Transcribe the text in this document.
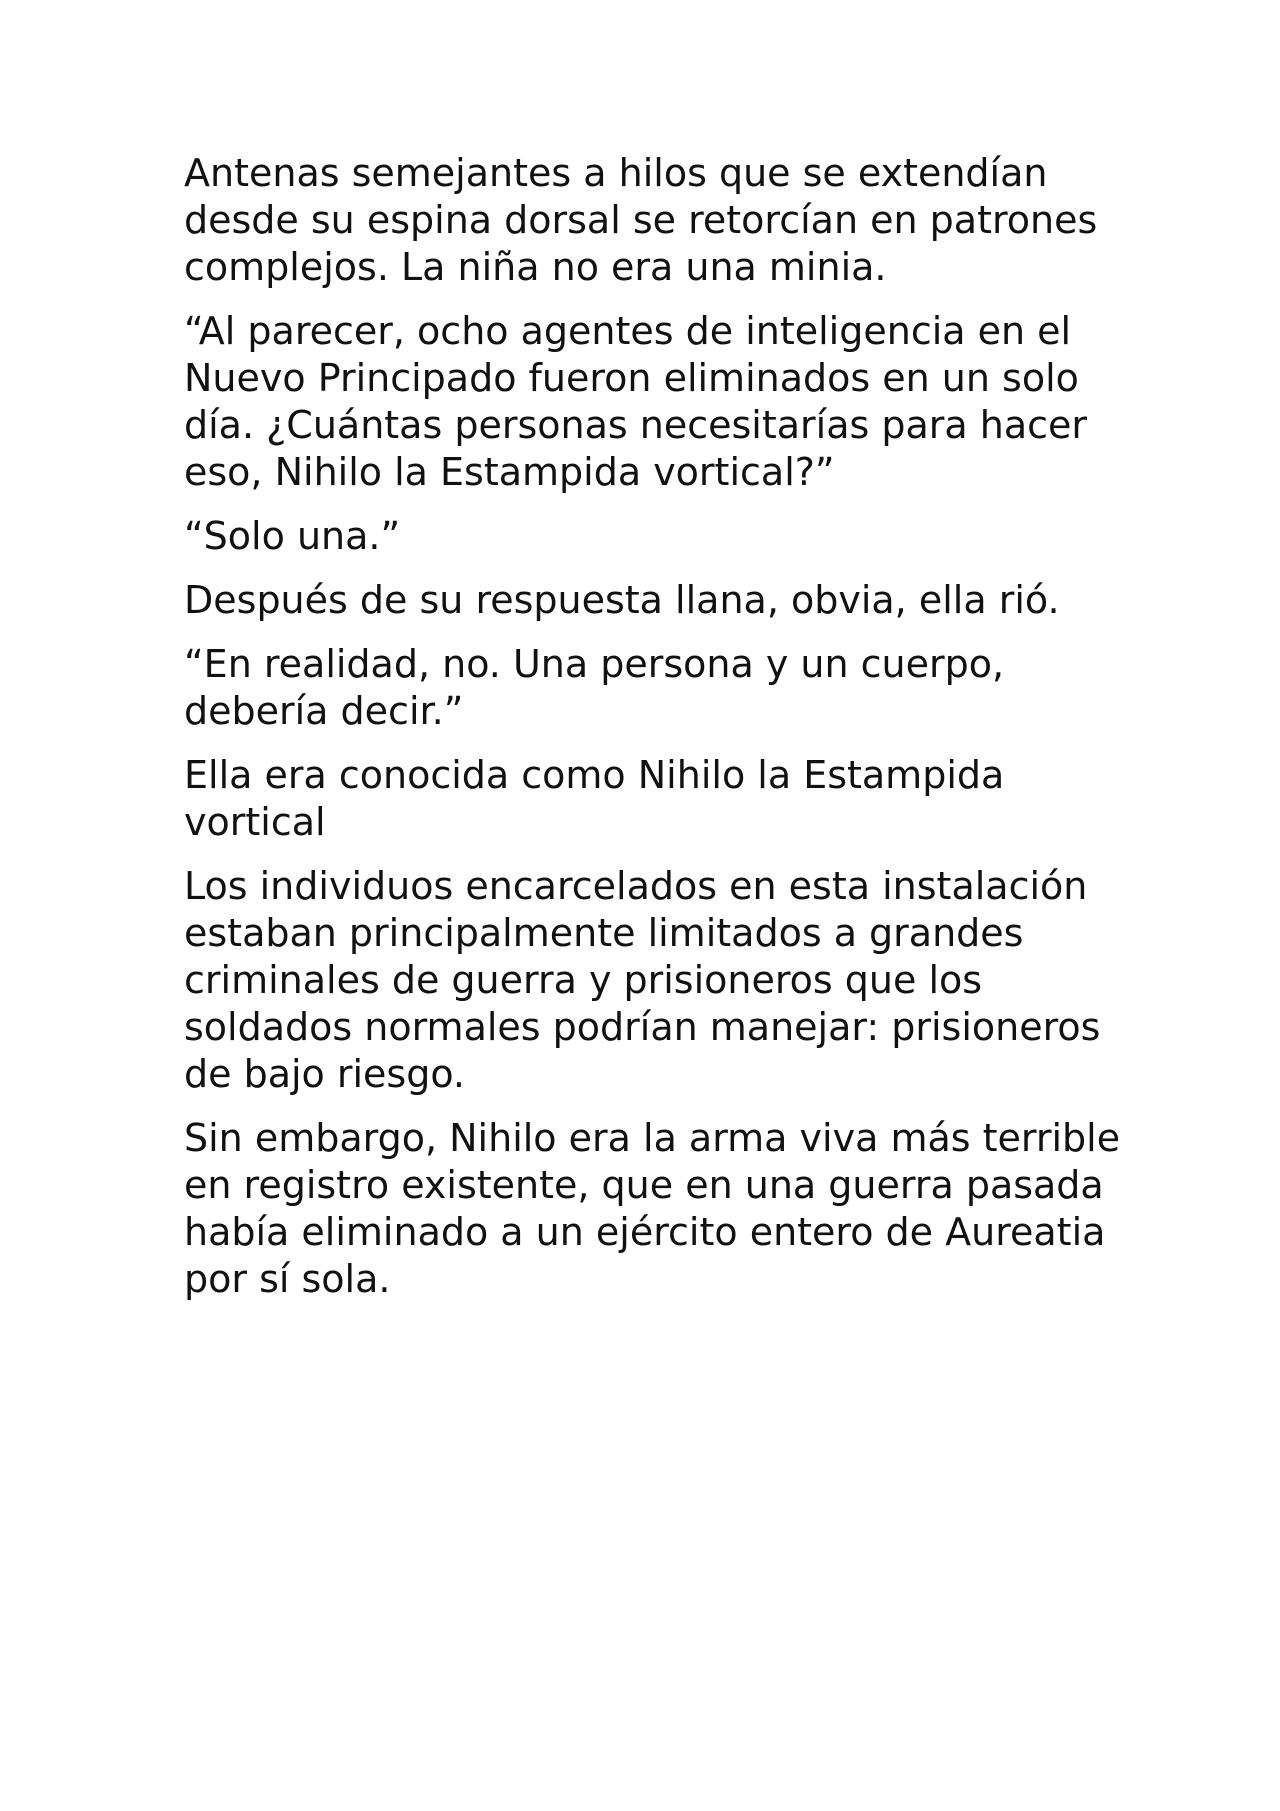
Antenas semejantes a hilos que se extendían desde su espina dorsal se retorcían en patrones complejos. La niña no era una minia.

“Al parecer, ocho agentes de inteligencia en el Nuevo Principado fueron eliminados en un solo día. ¿Cuántas personas necesitarías para hacer eso, Nihilo la Estampida vortical?”

“Solo una.”

Después de su respuesta llana, obvia, ella rió.

“En realidad, no. Una persona y un cuerpo, debería decir.”

Ella era conocida como Nihilo la Estampida vortical

Los individuos encarcelados en esta instalación estaban principalmente limitados a grandes criminales de guerra y prisioneros que los soldados normales podrían manejar: prisioneros de bajo riesgo.

Sin embargo, Nihilo era la arma viva más terrible en registro existente, que en una guerra pasada había eliminado a un ejército entero de Aureatia por sí sola.
